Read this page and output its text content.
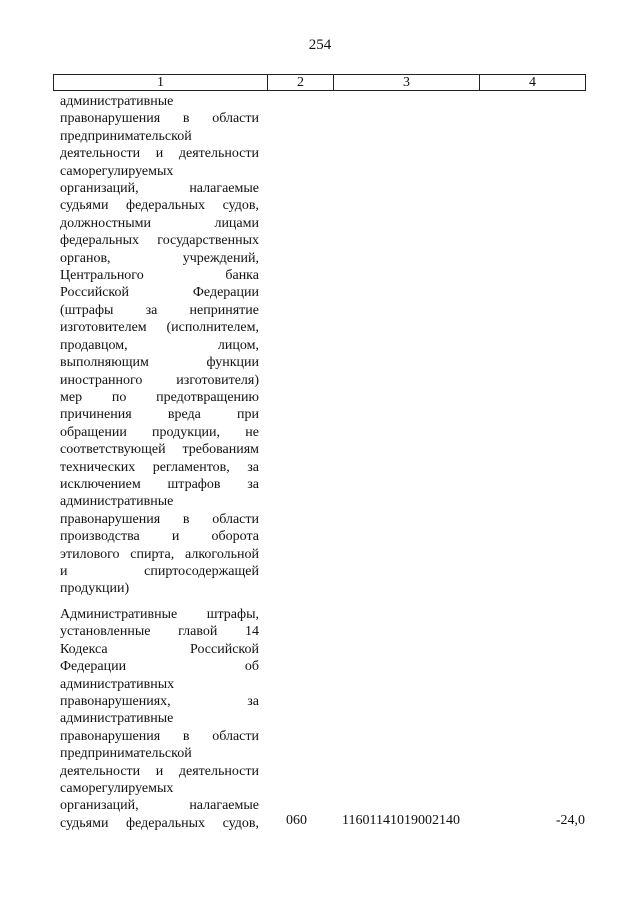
254
1	2	3	4
административные
правонарушения в области
предпринимательской
деятельности и деятельности
саморегулируемых
организаций, налагаемые
судьями федеральных судов,
должностными лицами
федеральных государственных
органов, учреждений,
Центрального банка
Российской Федерации
(штрафы за непринятие
изготовителем (исполнителем,
продавцом, лицом,
выполняющим функции
иностранного изготовителя)
мер по предотвращению
причинения вреда при
обращении продукции, не
соответствующей требованиям
технических регламентов, за
исключением штрафов за
административные
правонарушения в области
производства и оборота
этилового спирта, алкогольной
и спиртосодержащей
продукции)
Административные штрафы,
установленные главой 14
Кодекса Российской
Федерации об
административных
правонарушениях, за
административные
правонарушения в области
предпринимательской
деятельности и деятельности
саморегулируемых
организаций, налагаемые
судьями федеральных судов, 060	11601141019002140	-24,0
